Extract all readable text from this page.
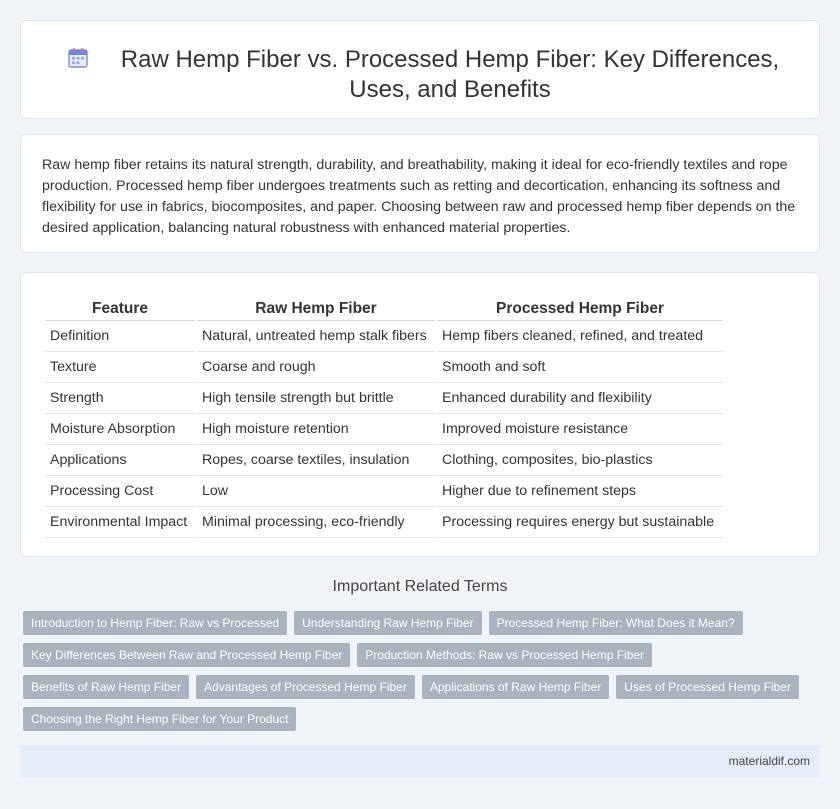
Raw Hemp Fiber vs. Processed Hemp Fiber: Key Differences, Uses, and Benefits

Raw hemp fiber retains its natural strength, durability, and breathability, making it ideal for eco-friendly textiles and rope production. Processed hemp fiber undergoes treatments such as retting and decortication, enhancing its softness and flexibility for use in fabrics, biocomposites, and paper. Choosing between raw and processed hemp fiber depends on the desired application, balancing natural robustness with enhanced material properties.

Feature	Raw Hemp Fiber	Processed Hemp Fiber
Definition	Natural, untreated hemp stalk fibers	Hemp fibers cleaned, refined, and treated
Texture	Coarse and rough	Smooth and soft
Strength	High tensile strength but brittle	Enhanced durability and flexibility
Moisture Absorption	High moisture retention	Improved moisture resistance
Applications	Ropes, coarse textiles, insulation	Clothing, composites, bio-plastics
Processing Cost	Low	Higher due to refinement steps
Environmental Impact	Minimal processing, eco-friendly	Processing requires energy but sustainable
Important Related Terms
Introduction to Hemp Fiber: Raw vs Processed	Understanding Raw Hemp Fiber	Processed Hemp Fiber: What Does it Mean?
Key Differences Between Raw and Processed Hemp Fiber	Production Methods: Raw vs Processed Hemp Fiber
Benefits of Raw Hemp Fiber	Advantages of Processed Hemp Fiber	Applications of Raw Hemp Fiber	Uses of Processed Hemp Fiber
Choosing the Right Hemp Fiber for Your Product
materialdif.com
